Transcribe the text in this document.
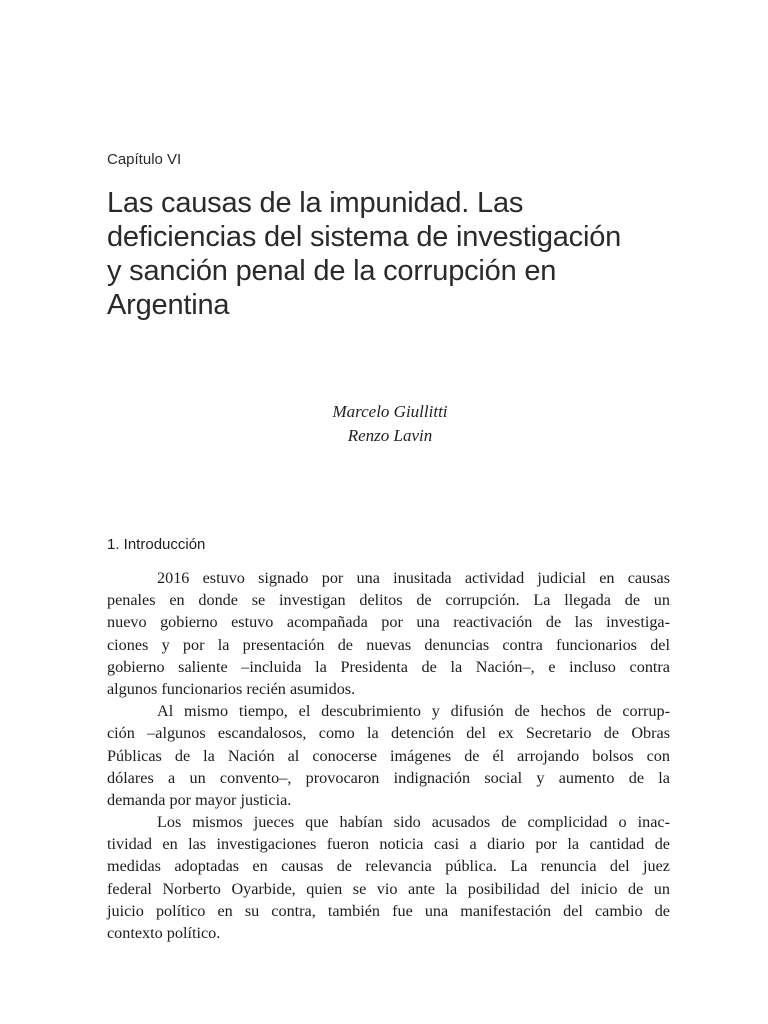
Capítulo VI
Las causas de la impunidad. Las
deficiencias del sistema de investigación
y sanción penal de la corrupción en
Argentina
Marcelo Giullitti
Renzo Lavin
1. Introducción
2016 estuvo signado por una inusitada actividad judicial en causas
penales en donde se investigan delitos de corrupción. La llegada de un
nuevo gobierno estuvo acompañada por una reactivación de las investiga-
ciones y por la presentación de nuevas denuncias contra funcionarios del
gobierno saliente –incluida la Presidenta de la Nación–, e incluso contra
algunos funcionarios recién asumidos.
Al mismo tiempo, el descubrimiento y difusión de hechos de corrup-
ción –algunos escandalosos, como la detención del ex Secretario de Obras
Públicas de la Nación al conocerse imágenes de él arrojando bolsos con
dólares a un convento–, provocaron indignación social y aumento de la
demanda por mayor justicia.
Los mismos jueces que habían sido acusados de complicidad o inac-
tividad en las investigaciones fueron noticia casi a diario por la cantidad de
medidas adoptadas en causas de relevancia pública. La renuncia del juez
federal Norberto Oyarbide, quien se vio ante la posibilidad del inicio de un
juicio político en su contra, también fue una manifestación del cambio de
contexto político.
